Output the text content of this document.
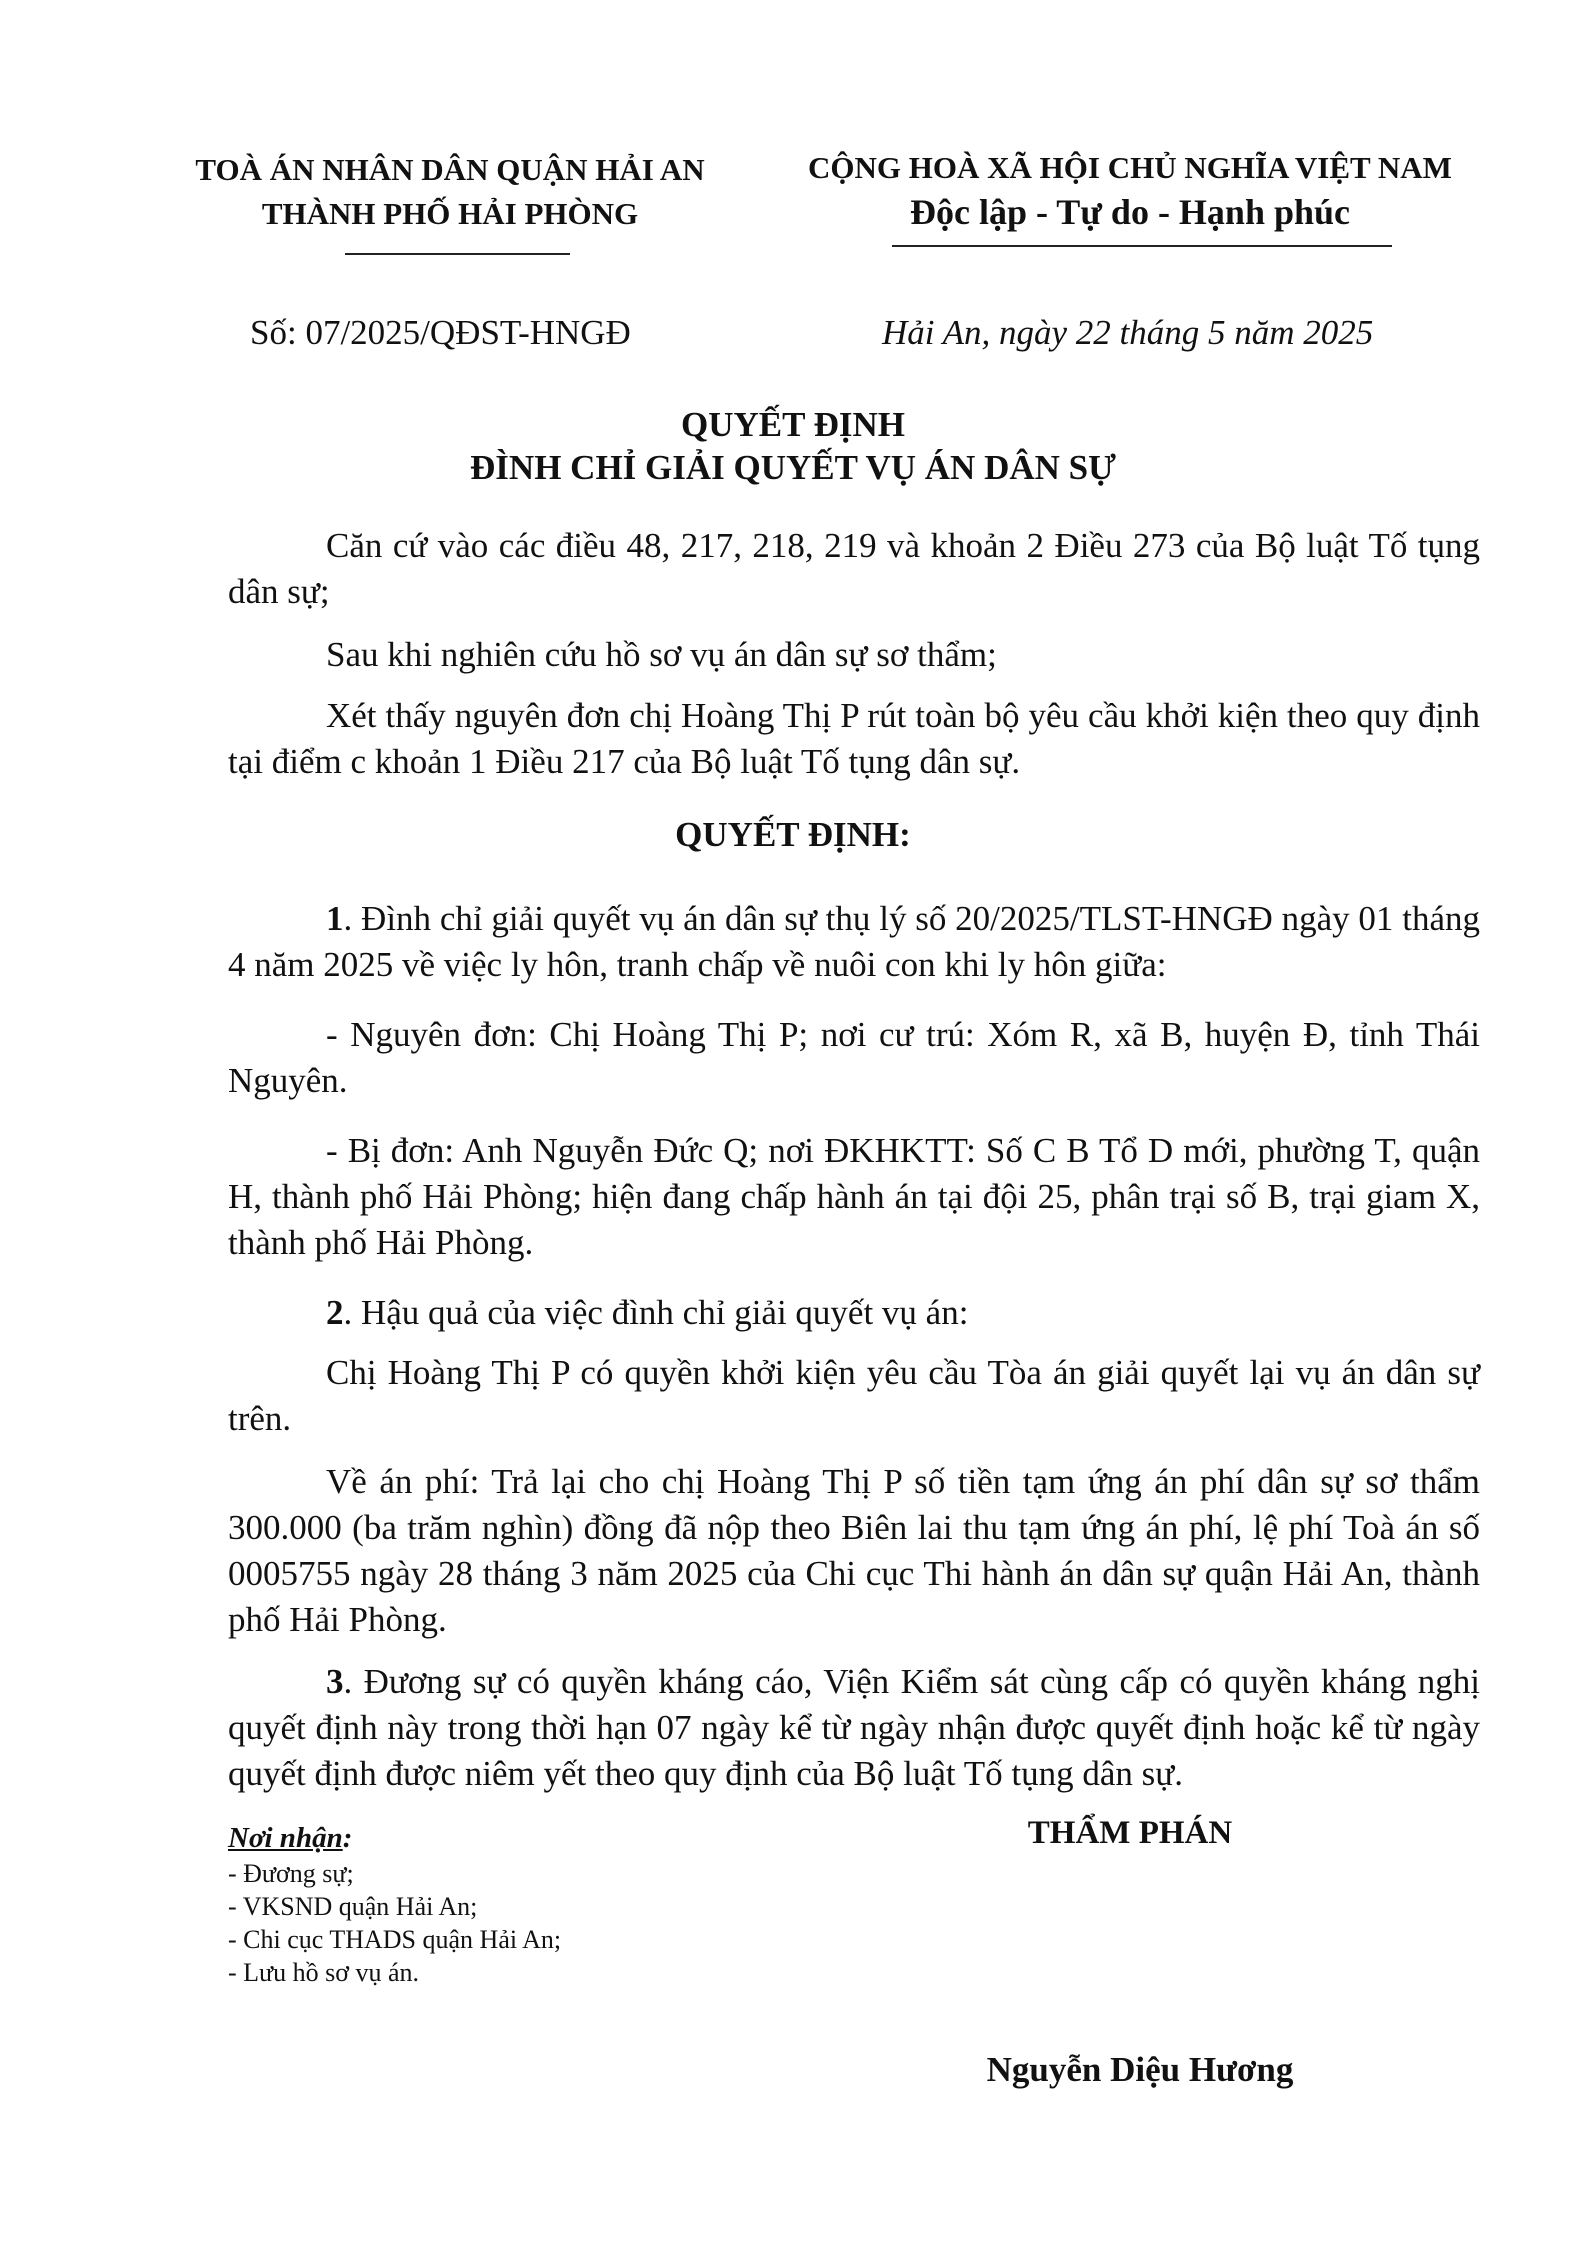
TOÀ ÁN NHÂN DÂN QUẬN HẢI AN
THÀNH PHỐ HẢI PHÒNG
CỘNG HOÀ XÃ HỘI CHỦ NGHĨA VIỆT NAM
Độc lập - Tự do - Hạnh phúc
Số: 07/2025/QĐST-HNGĐ	Hải An, ngày 22 tháng 5 năm 2025
QUYẾT ĐỊNH
ĐÌNH CHỈ GIẢI QUYẾT VỤ ÁN DÂN SỰ
Căn cứ vào các điều 48, 217, 218, 219 và khoản 2 Điều 273 của Bộ luật Tố tụng dân sự;
Sau khi nghiên cứu hồ sơ vụ án dân sự sơ thẩm;
Xét thấy nguyên đơn chị Hoàng Thị P rút toàn bộ yêu cầu khởi kiện theo quy định tại điểm c khoản 1 Điều 217 của Bộ luật Tố tụng dân sự.
QUYẾT ĐỊNH:
1. Đình chỉ giải quyết vụ án dân sự thụ lý số 20/2025/TLST-HNGĐ ngày 01 tháng 4 năm 2025 về việc ly hôn, tranh chấp về nuôi con khi ly hôn giữa:
- Nguyên đơn: Chị Hoàng Thị P; nơi cư trú: Xóm R, xã B, huyện Đ, tỉnh Thái Nguyên.
- Bị đơn: Anh Nguyễn Đức Q; nơi ĐKHKTT: Số C B Tổ D mới, phường T, quận H, thành phố Hải Phòng; hiện đang chấp hành án tại đội 25, phân trại số B, trại giam X, thành phố Hải Phòng.
2. Hậu quả của việc đình chỉ giải quyết vụ án:
Chị Hoàng Thị P có quyền khởi kiện yêu cầu Tòa án giải quyết lại vụ án dân sự trên.
Về án phí: Trả lại cho chị Hoàng Thị P số tiền tạm ứng án phí dân sự sơ thẩm 300.000 (ba trăm nghìn) đồng đã nộp theo Biên lai thu tạm ứng án phí, lệ phí Toà án số 0005755 ngày 28 tháng 3 năm 2025 của Chi cục Thi hành án dân sự quận Hải An, thành phố Hải Phòng.
3. Đương sự có quyền kháng cáo, Viện Kiểm sát cùng cấp có quyền kháng nghị quyết định này trong thời hạn 07 ngày kể từ ngày nhận được quyết định hoặc kể từ ngày quyết định được niêm yết theo quy định của Bộ luật Tố tụng dân sự.
Nơi nhận:
- Đương sự;
- VKSND quận Hải An;
- Chi cục THADS quận Hải An;
- Lưu hồ sơ vụ án.
THẨM PHÁN
Nguyễn Diệu Hương
